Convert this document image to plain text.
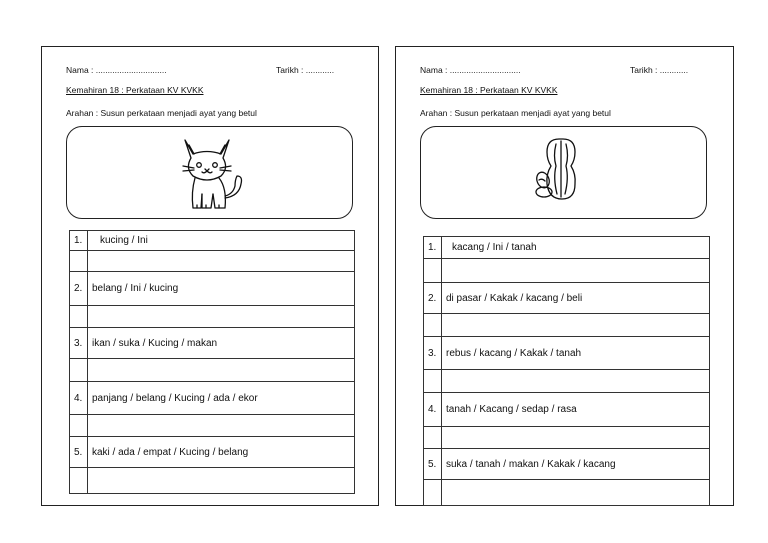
Nama : ..............................	Tarikh : ............
Kemahiran 18 : Perkataan KV KVKK
Arahan : Susun perkataan menjadi ayat yang betul
1.	kucing / Ini

2.	belang / Ini / kucing

3.	ikan / suka / Kucing / makan

4.	panjang / belang / Kucing / ada / ekor

5.	kaki / ada / empat / Kucing / belang

Nama : ..............................	Tarikh : ............
Kemahiran 18 : Perkataan KV KVKK
Arahan : Susun perkataan menjadi ayat yang betul
1.	kacang / Ini / tanah

2.	di pasar / Kakak / kacang / beli

3.	rebus / kacang / Kakak / tanah

4.	tanah / Kacang / sedap / rasa

5.	suka / tanah / makan / Kakak / kacang
